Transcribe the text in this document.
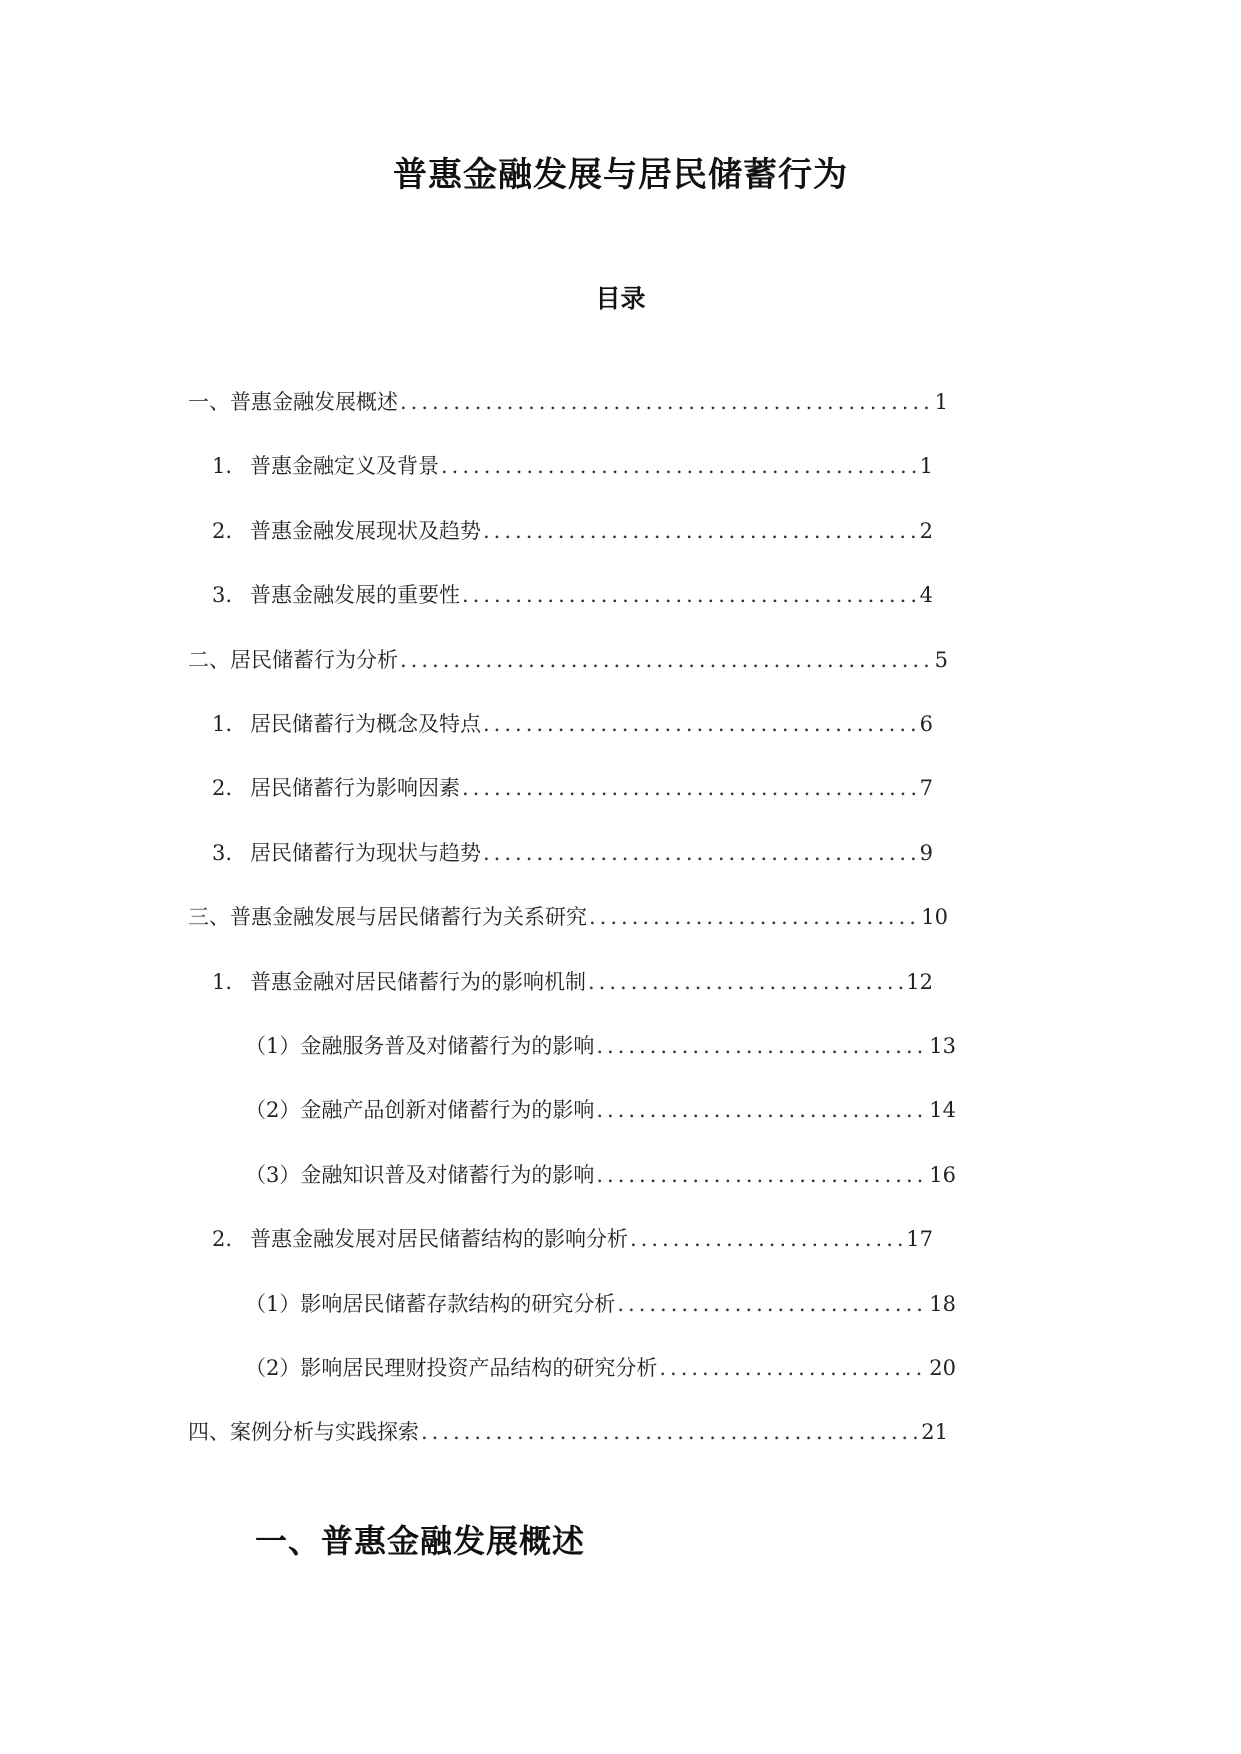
普惠金融发展与居民储蓄行为
目录
一、普惠金融发展概述 .....	1
1. 普惠金融定义及背景 .....	1
2. 普惠金融发展现状及趋势 .....	2
3. 普惠金融发展的重要性 .....	4
二、居民储蓄行为分析 .....	5
1. 居民储蓄行为概念及特点 .....	6
2. 居民储蓄行为影响因素 .....	7
3. 居民储蓄行为现状与趋势 .....	9
三、普惠金融发展与居民储蓄行为关系研究 .....	10
1. 普惠金融对居民储蓄行为的影响机制 .....	12
（1）金融服务普及对储蓄行为的影响 .....	13
（2）金融产品创新对储蓄行为的影响 .....	14
（3）金融知识普及对储蓄行为的影响 .....	16
2. 普惠金融发展对居民储蓄结构的影响分析 .....	17
（1）影响居民储蓄存款结构的研究分析 .....	18
（2）影响居民理财投资产品结构的研究分析 .....	20
四、案例分析与实践探索 .....	21
一、普惠金融发展概述
